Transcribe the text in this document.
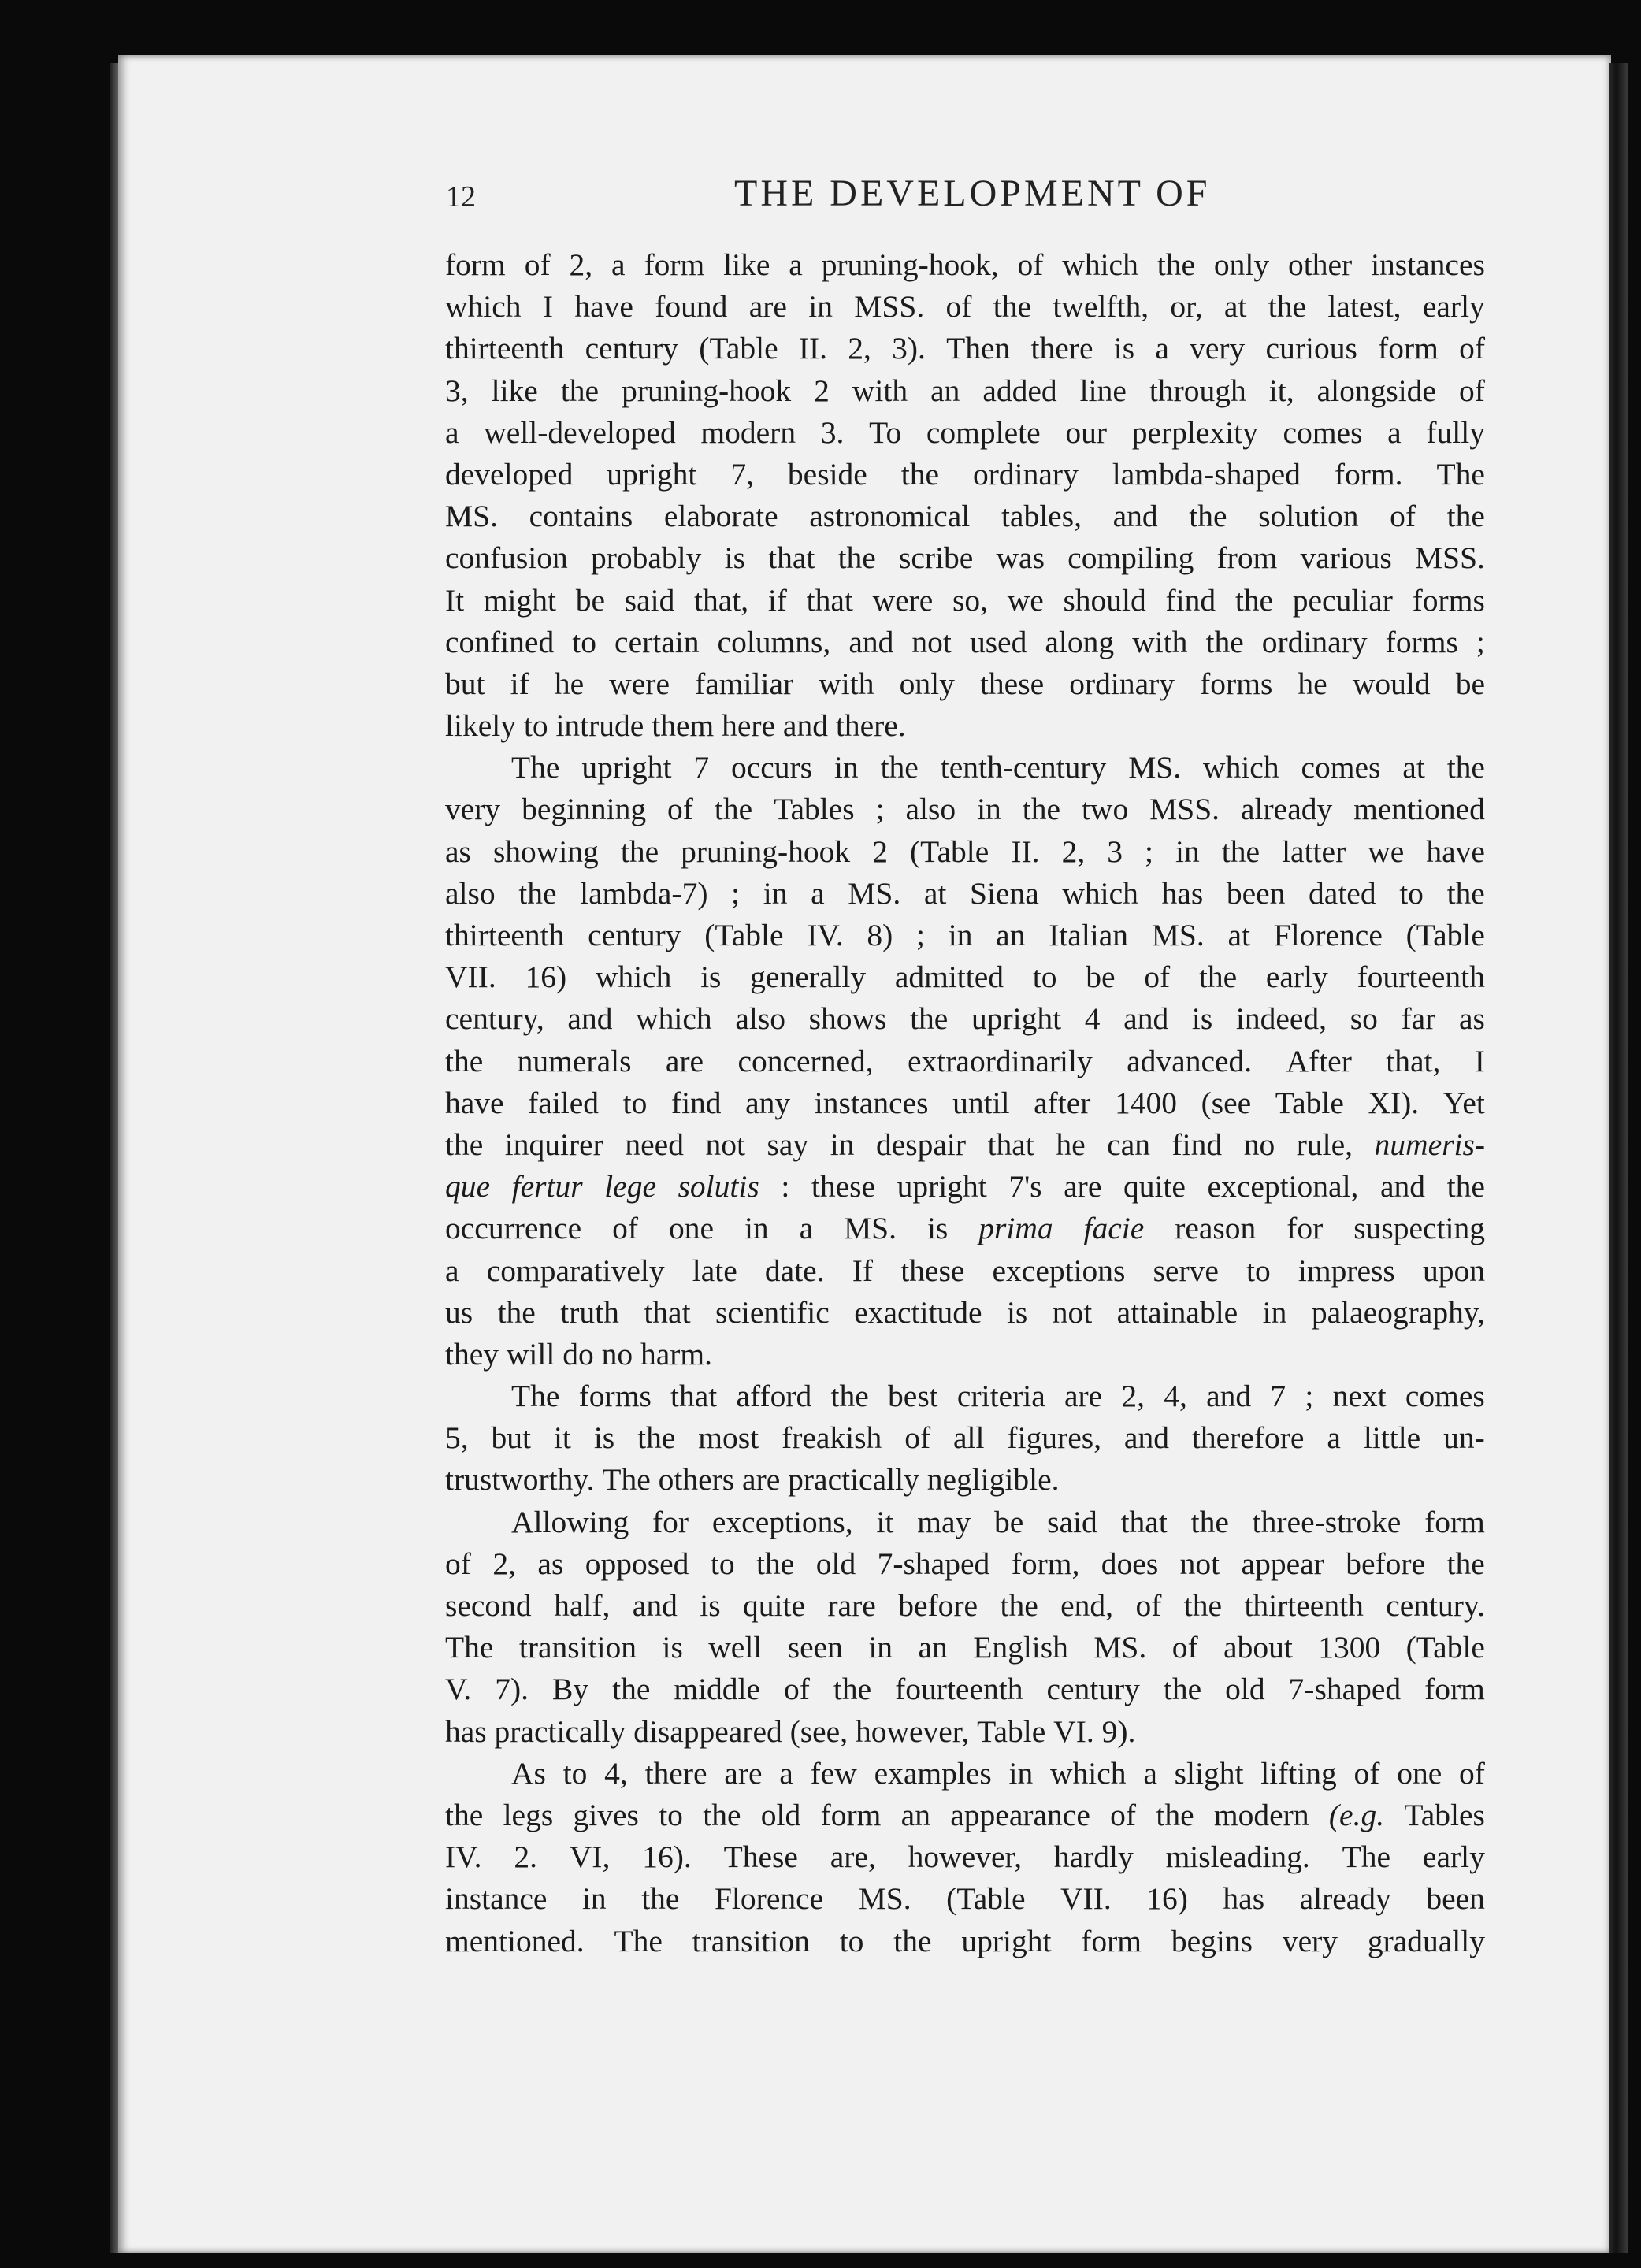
12	THE DEVELOPMENT OF
form of 2, a form like a pruning-hook, of which the only other instances
which I have found are in MSS. of the twelfth, or, at the latest, early
thirteenth century (Table II. 2, 3). Then there is a very curious form of
3, like the pruning-hook 2 with an added line through it, alongside of
a well-developed modern 3. To complete our perplexity comes a fully
developed upright 7, beside the ordinary lambda-shaped form. The
MS. contains elaborate astronomical tables, and the solution of the
confusion probably is that the scribe was compiling from various MSS.
It might be said that, if that were so, we should find the peculiar forms
confined to certain columns, and not used along with the ordinary forms ;
but if he were familiar with only these ordinary forms he would be
likely to intrude them here and there.
The upright 7 occurs in the tenth-century MS. which comes at the
very beginning of the Tables ; also in the two MSS. already mentioned
as showing the pruning-hook 2 (Table II. 2, 3 ; in the latter we have
also the lambda-7) ; in a MS. at Siena which has been dated to the
thirteenth century (Table IV. 8) ; in an Italian MS. at Florence (Table
VII. 16) which is generally admitted to be of the early fourteenth
century, and which also shows the upright 4 and is indeed, so far as
the numerals are concerned, extraordinarily advanced. After that, I
have failed to find any instances until after 1400 (see Table XI). Yet
the inquirer need not say in despair that he can find no rule, numeris-
que fertur lege solutis : these upright 7's are quite exceptional, and the
occurrence of one in a MS. is prima facie reason for suspecting
a comparatively late date. If these exceptions serve to impress upon
us the truth that scientific exactitude is not attainable in palaeography,
they will do no harm.
The forms that afford the best criteria are 2, 4, and 7 ; next comes
5, but it is the most freakish of all figures, and therefore a little un-
trustworthy. The others are practically negligible.
Allowing for exceptions, it may be said that the three-stroke form
of 2, as opposed to the old 7-shaped form, does not appear before the
second half, and is quite rare before the end, of the thirteenth century.
The transition is well seen in an English MS. of about 1300 (Table
V. 7). By the middle of the fourteenth century the old 7-shaped form
has practically disappeared (see, however, Table VI. 9).
As to 4, there are a few examples in which a slight lifting of one of
the legs gives to the old form an appearance of the modern (e.g. Tables
IV. 2. VI, 16). These are, however, hardly misleading. The early
instance in the Florence MS. (Table VII. 16) has already been
mentioned. The transition to the upright form begins very gradually
